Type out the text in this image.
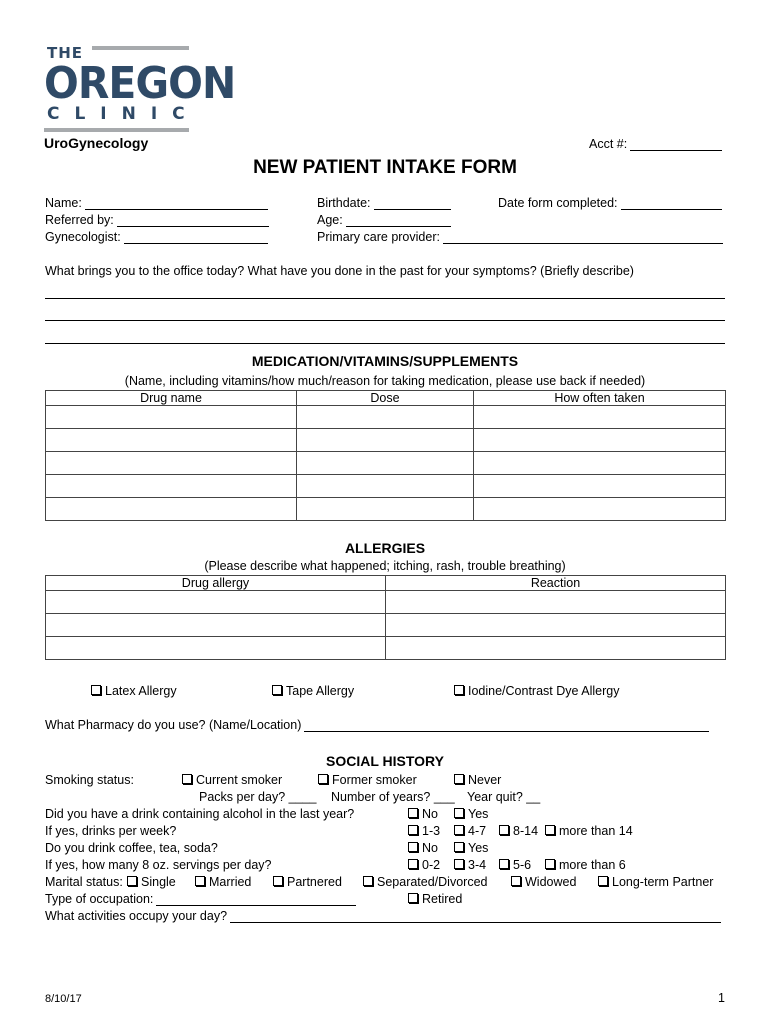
THE
OREGON
CLINIC
UroGynecology	Acct #:
NEW PATIENT INTAKE FORM
Name:
Referred by:
Gynecologist:
Birthdate:
Age:
Primary care provider:
Date form completed:
What brings you to the office today? What have you done in the past for your symptoms? (Briefly describe)
MEDICATION/VITAMINS/SUPPLEMENTS
(Name, including vitamins/how much/reason for taking medication, please use back if needed)
Drug name	Dose	How often taken

ALLERGIES
(Please describe what happened; itching, rash, trouble breathing)
Drug allergy	Reaction

Latex Allergy	Tape Allergy	Iodine/Contrast Dye Allergy
What Pharmacy do you use? (Name/Location)
SOCIAL HISTORY
Smoking status:	Current smoker	Former smoker	Never
Packs per day? ____ Number of years? ___ Year quit? __
Did you have a drink containing alcohol in the last year?	No	Yes
If yes, drinks per week?	1-3	4-7	8-14	more than 14
Do you drink coffee, tea, soda?	No	Yes
If yes, how many 8 oz. servings per day?	0-2	3-4	5-6	more than 6
Marital status:	Single	Married	Partnered	Separated/Divorced	Widowed	Long-term Partner
Type of occupation:	Retired
What activities occupy your day?
8/10/17	1
